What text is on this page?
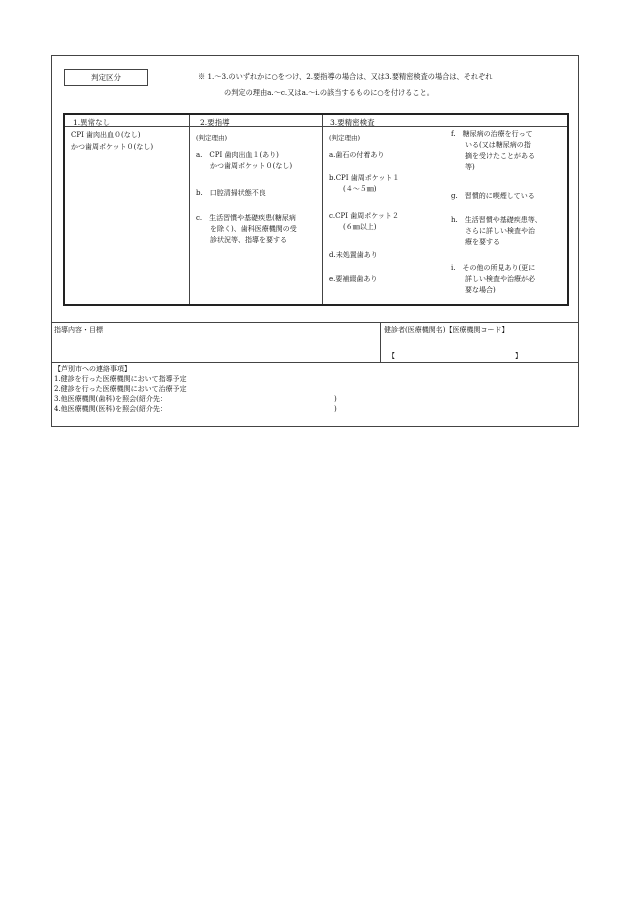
判定区分	※ 1.～3.のいずれかに○をつけ、2.要指導の場合は、又は3.要精密検査の場合は、それぞれ
の判定の理由a.～c.又はa.～i.の該当するものに○を付けること。
1.異常なし	2.要指導	3.要精密検査
CPI 歯肉出血０(なし)
かつ歯周ポケット０(なし)
(判定理由)
a.　CPI 歯肉出血１(あり)
　　かつ歯周ポケット０(なし)
b.　口腔清掃状態不良
c.　生活習慣や基礎疾患(糖尿病
　　を除く)、歯科医療機関の受
　　診状況等、指導を要する
(判定理由)
a.歯石の付着あり
b.CPI 歯周ポケット１
　　(４～５㎜)
c.CPI 歯周ポケット２
　　(６㎜以上)
d.未処置歯あり
e.要補綴歯あり
f.　糖尿病の治療を行って
　　いる(又は糖尿病の指
　　摘を受けたことがある
　　等)
g.　習慣的に喫煙している
h.　生活習慣や基礎疾患等、
　　さらに詳しい検査や治
　　療を要する
i.　その他の所見あり(更に
　　詳しい検査や治療が必
　　要な場合)
指導内容・目標	健診者(医療機関名)【医療機関コード】
【	】
【芦別市への連絡事項】
1.健診を行った医療機関において指導予定
2.健診を行った医療機関において治療予定
3.他医療機関(歯科)を照会(紹介先：	)
4.他医療機関(医科)を照会(紹介先：	)
